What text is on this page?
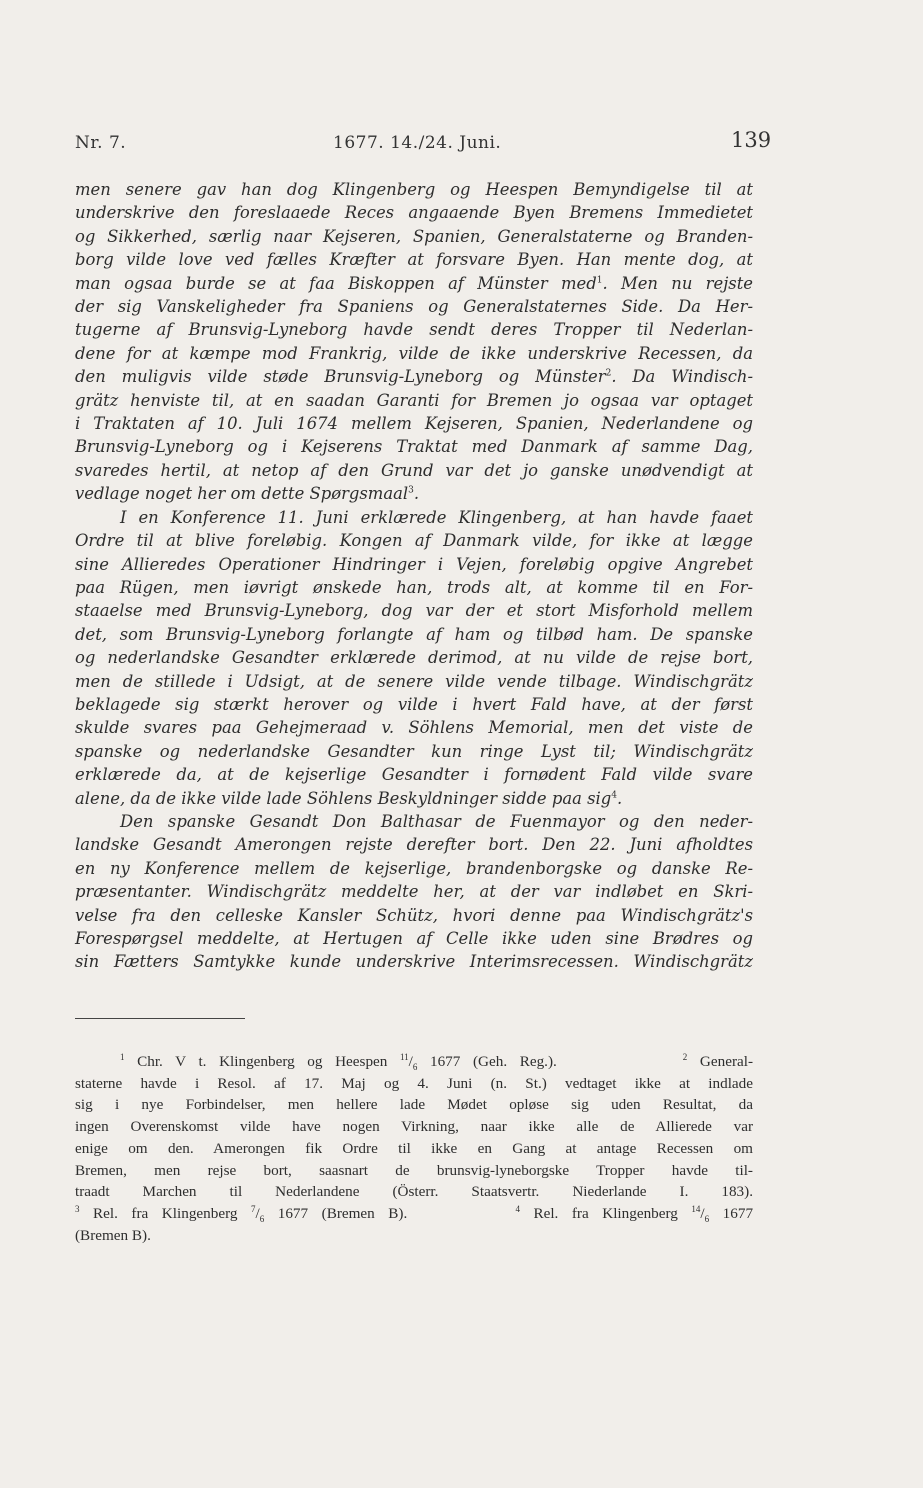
Nr. 7.	1677. 14./24. Juni.	139
men senere gav han dog Klingenberg og Heespen Bemyndigelse til at
underskrive den foreslaaede Reces angaaende Byen Bremens Immedietet
og Sikkerhed, særlig naar Kejseren, Spanien, Generalstaterne og Branden-
borg vilde love ved fælles Kræfter at forsvare Byen. Han mente dog, at
man ogsaa burde se at faa Biskoppen af Münster med$^1$. Men nu rejste
der sig Vanskeligheder fra Spaniens og Generalstaternes Side. Da Her-
tugerne af Brunsvig-Lyneborg havde sendt deres Tropper til Nederlan-
dene for at kæmpe mod Frankrig, vilde de ikke underskrive Recessen, da
den muligvis vilde støde Brunsvig-Lyneborg og Münster$^2$. Da Windisch-
grätz henviste til, at en saadan Garanti for Bremen jo ogsaa var optaget
i Traktaten af 10. Juli 1674 mellem Kejseren, Spanien, Nederlandene og
Brunsvig-Lyneborg og i Kejserens Traktat med Danmark af samme Dag,
svaredes hertil, at netop af den Grund var det jo ganske unødvendigt at
vedlage noget her om dette Spørgsmaal$^3$.
I en Konference 11. Juni erklærede Klingenberg, at han havde faaet
Ordre til at blive foreløbig. Kongen af Danmark vilde, for ikke at lægge
sine Allieredes Operationer Hindringer i Vejen, foreløbig opgive Angrebet
paa Rügen, men iøvrigt ønskede han, trods alt, at komme til en For-
staaelse med Brunsvig-Lyneborg, dog var der et stort Misforhold mellem
det, som Brunsvig-Lyneborg forlangte af ham og tilbød ham. De spanske
og nederlandske Gesandter erklærede derimod, at nu vilde de rejse bort,
men de stillede i Udsigt, at de senere vilde vende tilbage. Windischgrätz
beklagede sig stærkt herover og vilde i hvert Fald have, at der først
skulde svares paa Gehejmeraad v. Söhlens Memorial, men det viste de
spanske og nederlandske Gesandter kun ringe Lyst til; Windischgrätz
erklærede da, at de kejserlige Gesandter i fornødent Fald vilde svare
alene, da de ikke vilde lade Söhlens Beskyldninger sidde paa sig$^4$.
Den spanske Gesandt Don Balthasar de Fuenmayor og den neder-
landske Gesandt Amerongen rejste derefter bort. Den 22. Juni afholdtes
en ny Konference mellem de kejserlige, brandenborgske og danske Re-
præsentanter. Windischgrätz meddelte her, at der var indløbet en Skri-
velse fra den celleske Kansler Schütz, hvori denne paa Windischgrätz's
Forespørgsel meddelte, at Hertugen af Celle ikke uden sine Brødres og
sin Fætters Samtykke kunde underskrive Interimsrecessen. Windischgrätz
$^1$ Chr. V t. Klingenberg og Heespen $^{11}/_6$ 1677 (Geh. Reg.).	$^2$ General-
staterne havde i Resol. af 17. Maj og 4. Juni (n. St.) vedtaget ikke at indlade
sig i nye Forbindelser, men hellere lade Mødet opløse sig uden Resultat, da
ingen Overenskomst vilde have nogen Virkning, naar ikke alle de Allierede var
enige om den. Amerongen fik Ordre til ikke en Gang at antage Recessen om
Bremen, men rejse bort, saasnart de brunsvig-lyneborgske Tropper havde til-
traadt Marchen til Nederlandene (Österr. Staatsvertr. Niederlande I. 183).
$^3$ Rel. fra Klingenberg $^7/_6$ 1677 (Bremen B).	$^4$ Rel. fra Klingenberg $^{14}/_6$ 1677
(Bremen B).
